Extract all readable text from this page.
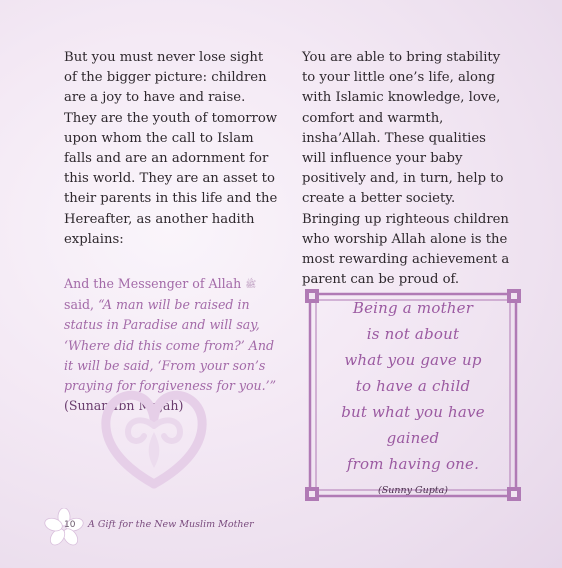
But you must never lose sight of the bigger picture: children are a joy to have and raise. They are the youth of tomorrow upon whom the call to Islam falls and are an adornment for this world. They are an asset to their parents in this life and the Hereafter, as another hadith explains:

And the Messenger of Allah ﷺ said, “A man will be raised in status in Paradise and will say, ‘Where did this come from?’ And it will be said, ‘From your son’s praying for forgiveness for you.’” (Sunan Ibn Majah)

You are able to bring stability to your little one’s life, along with Islamic knowledge, love, comfort and warmth, insha’Allah. These qualities will influence your baby positively and, in turn, help to create a better society. Bringing up righteous children who worship Allah alone is the most rewarding achievement a parent can be proud of.

Being a mother
is not about
what you gave up
to have a child
but what you have gained
from having one.
(Sunny Gupta)
10 A Gift for the New Muslim Mother
